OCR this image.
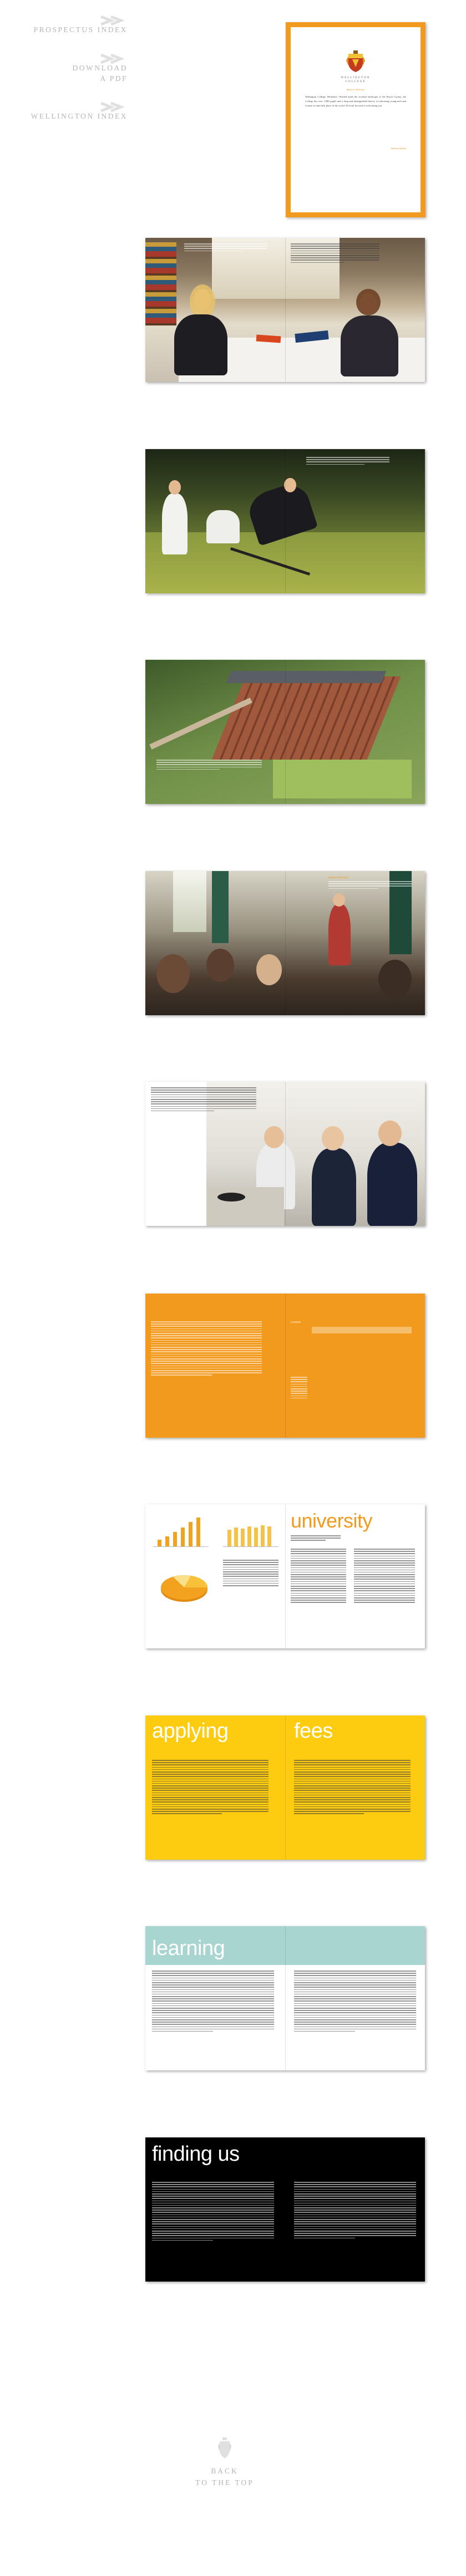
PROSPECTUS INDEX
DOWNLOAD
A PDF
WELLINGTON INDEX
WELLINGTON
COLLEGE
Master's Welcome
Wellington College, Berkshire. Nestled amid the wooded landscape of the Royal County, the College has over 1,000 pupils and a long and distinguished history of educating young men and women to take their place in the world. We look forward to welcoming you.
Anthony Seldon
Master's Welcome
Contents
university
applying	fees
learning
finding us
BACK
TO THE TOP
